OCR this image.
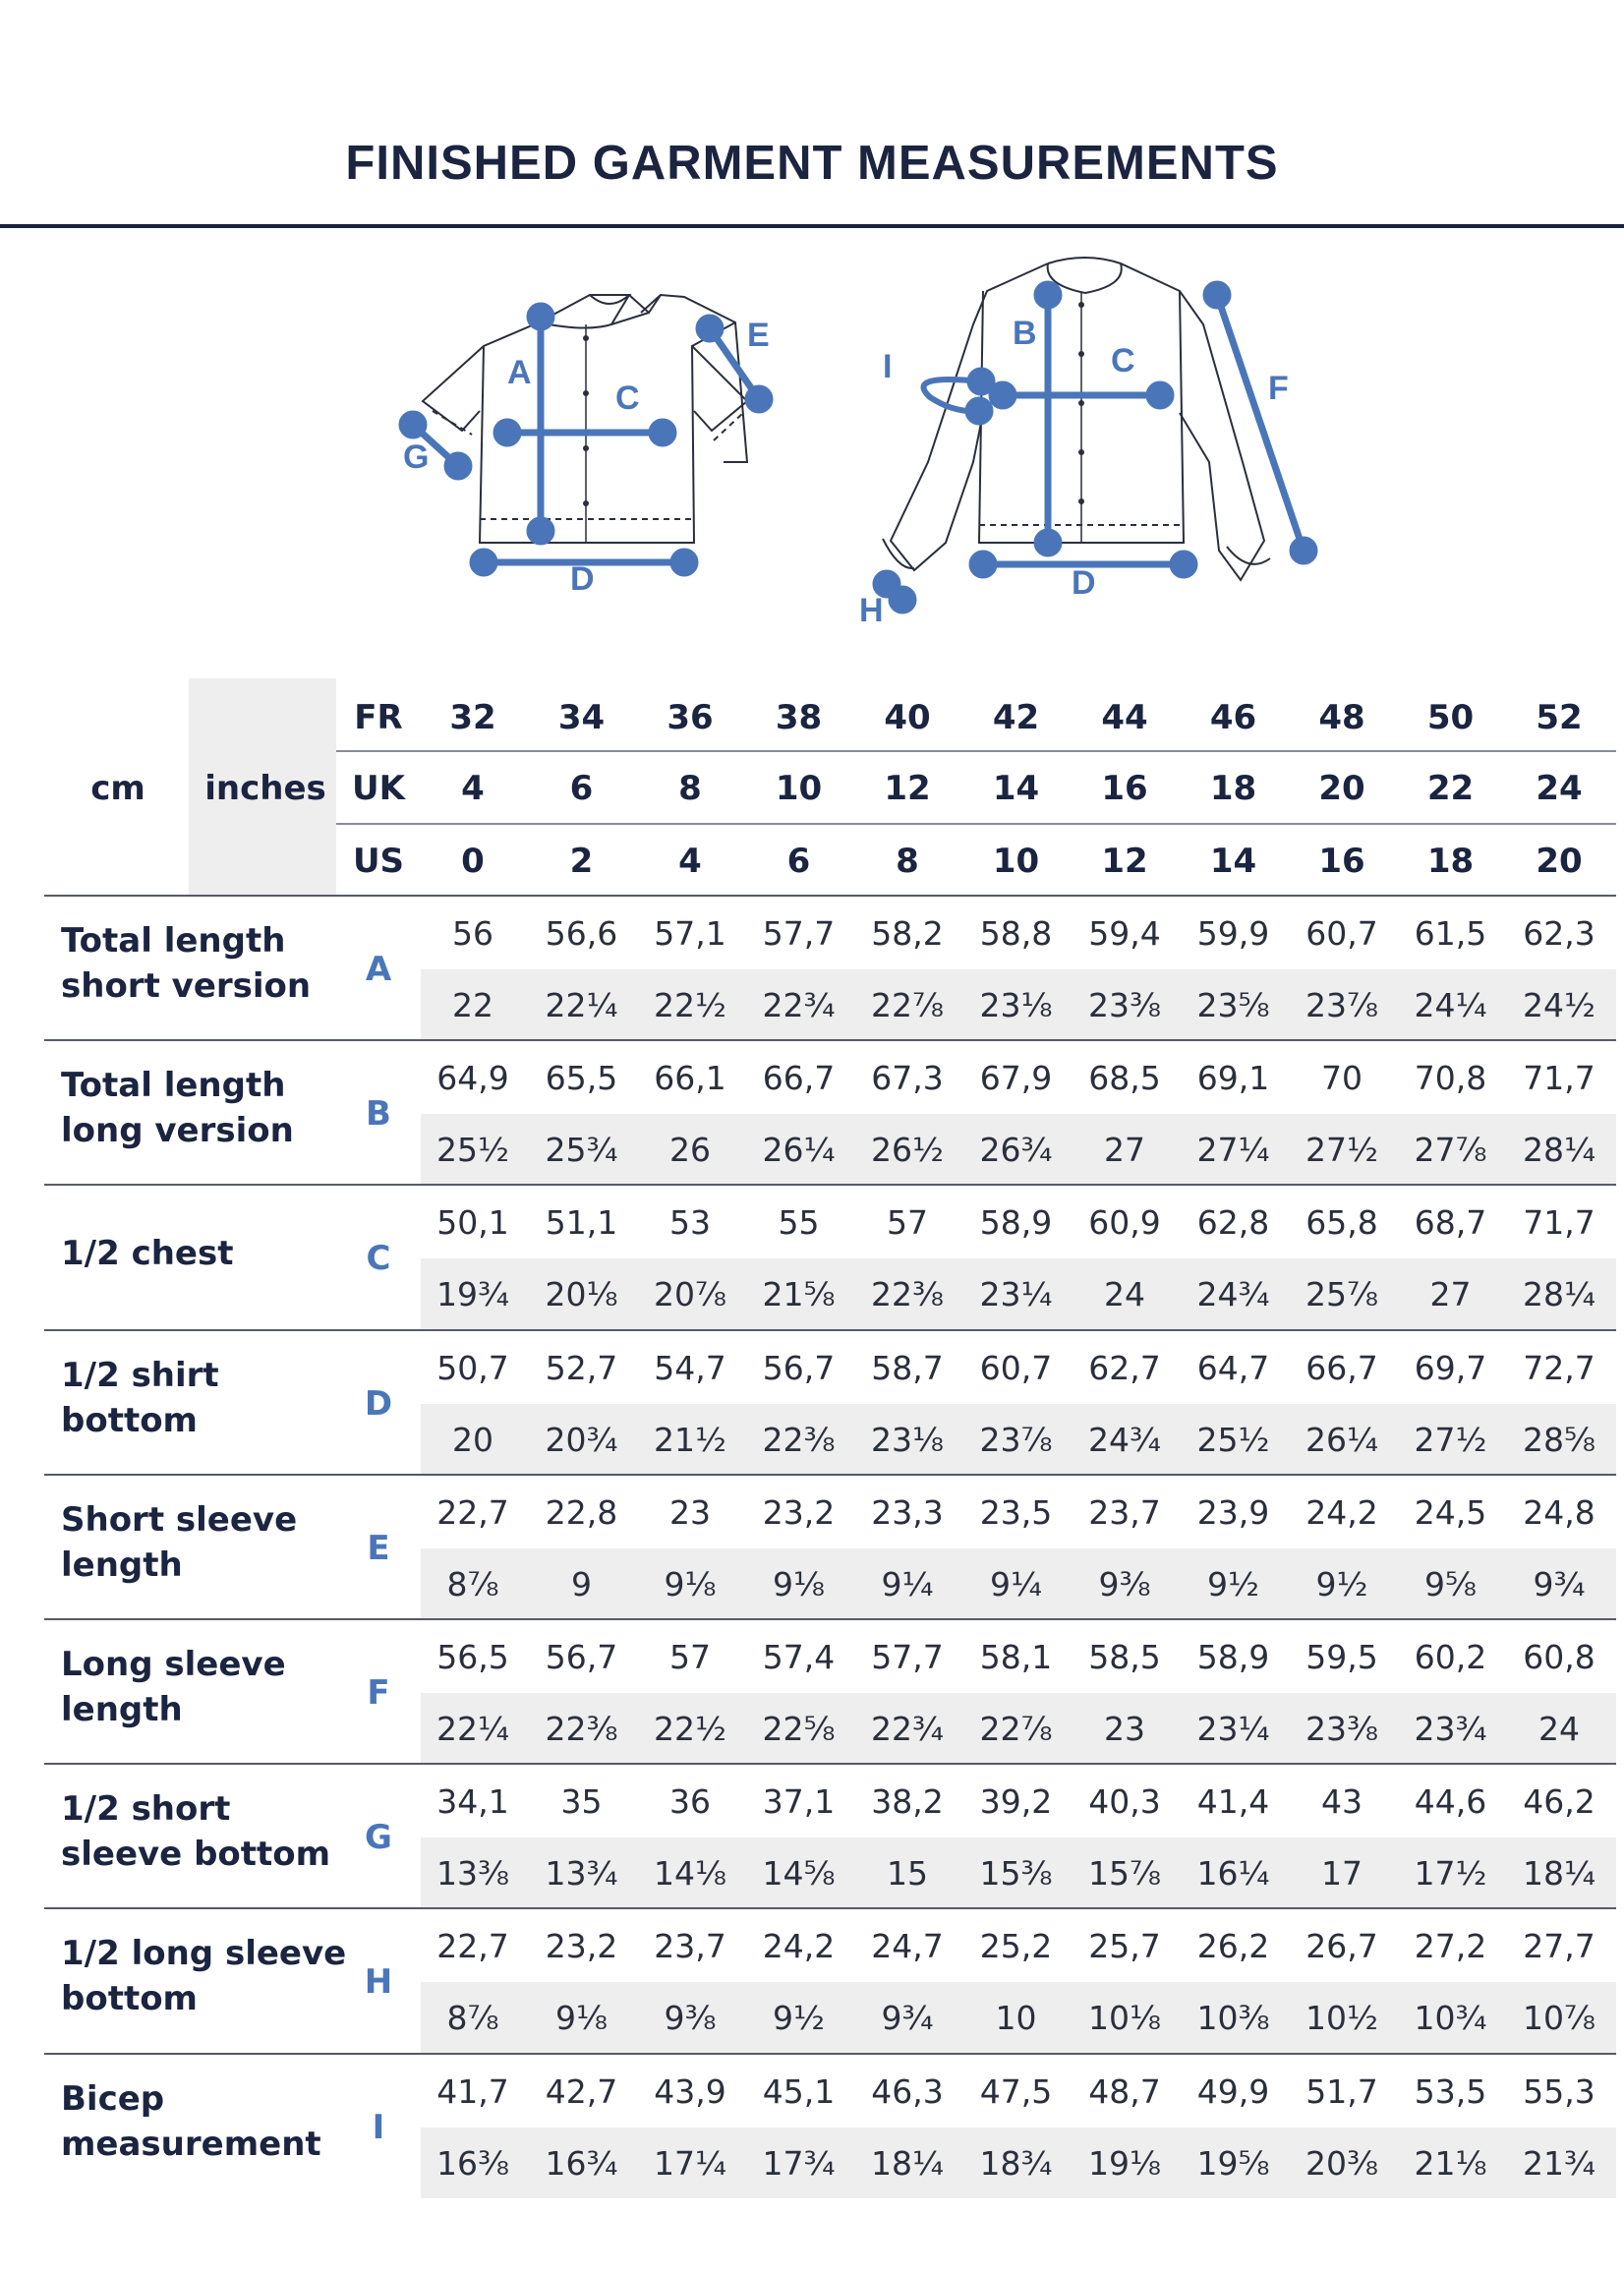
FINISHED GARMENT MEASUREMENTS
A
C
D
E
G
B
C
D
F
H
I
cm	inches
FR	32	34	36	38	40	42	44	46	48	50	52
UK	4	6	8	10	12	14	16	18	20	22	24
US	0	2	4	6	8	10	12	14	16	18	20
Total length
short version	A
56	56,6	57,1	57,7	58,2	58,8	59,4	59,9	60,7	61,5	62,3
22	22¼	22½	22¾	22⅞	23⅛	23⅜	23⅝	23⅞	24¼	24½
Total length
long version	B
64,9	65,5	66,1	66,7	67,3	67,9	68,5	69,1	70	70,8	71,7
25½	25¾	26	26¼	26½	26¾	27	27¼	27½	27⅞	28¼
1/2 chest	C
50,1	51,1	53	55	57	58,9	60,9	62,8	65,8	68,7	71,7
19¾	20⅛	20⅞	21⅝	22⅜	23¼	24	24¾	25⅞	27	28¼
1/2 shirt
bottom	D
50,7	52,7	54,7	56,7	58,7	60,7	62,7	64,7	66,7	69,7	72,7
20	20¾	21½	22⅜	23⅛	23⅞	24¾	25½	26¼	27½	28⅝
Short sleeve
length	E
22,7	22,8	23	23,2	23,3	23,5	23,7	23,9	24,2	24,5	24,8
8⅞	9	9⅛	9⅛	9¼	9¼	9⅜	9½	9½	9⅝	9¾
Long sleeve
length	F
56,5	56,7	57	57,4	57,7	58,1	58,5	58,9	59,5	60,2	60,8
22¼	22⅜	22½	22⅝	22¾	22⅞	23	23¼	23⅜	23¾	24
1/2 short
sleeve bottom	G
34,1	35	36	37,1	38,2	39,2	40,3	41,4	43	44,6	46,2
13⅜	13¾	14⅛	14⅝	15	15⅜	15⅞	16¼	17	17½	18¼
1/2 long sleeve
bottom	H
22,7	23,2	23,7	24,2	24,7	25,2	25,7	26,2	26,7	27,2	27,7
8⅞	9⅛	9⅜	9½	9¾	10	10⅛	10⅜	10½	10¾	10⅞
Bicep
measurement	I
41,7	42,7	43,9	45,1	46,3	47,5	48,7	49,9	51,7	53,5	55,3
16⅜	16¾	17¼	17¾	18¼	18¾	19⅛	19⅝	20⅜	21⅛	21¾
